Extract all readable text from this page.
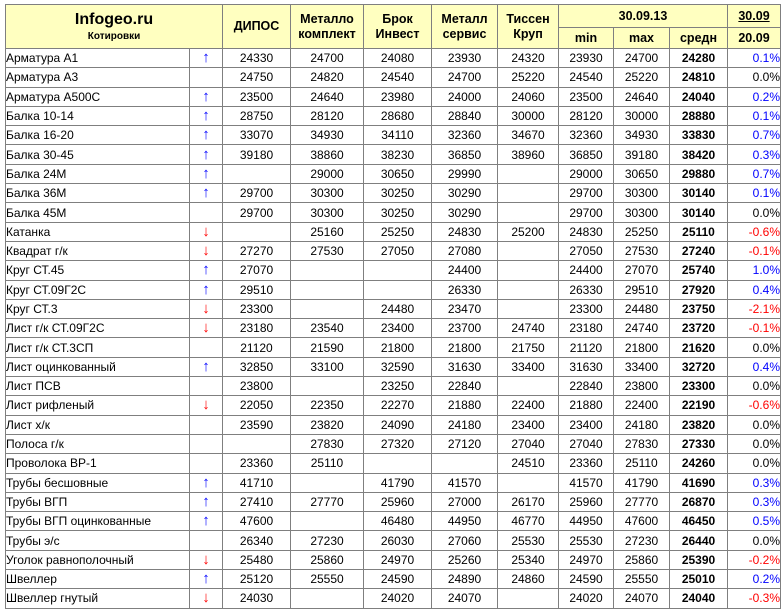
Infogeo.ru
Котировки		ДИПОС	Металло комплект	Брок Инвест	Металл сервис	Тиссен Круп	30.09.13			30.09
							min	max	средн	20.09
Арматура А1	↑	24330	24700	24080	23930	24320	23930	24700	24280	0.1%
Арматура А3		24750	24820	24540	24700	25220	24540	25220	24810	0.0%
Арматура А500С	↑	23500	24640	23980	24000	24060	23500	24640	24040	0.2%
Балка 10-14	↑	28750	28120	28680	28840	30000	28120	30000	28880	0.1%
Балка 16-20	↑	33070	34930	34110	32360	34670	32360	34930	33830	0.7%
Балка 30-45	↑	39180	38860	38230	36850	38960	36850	39180	38420	0.3%
Балка 24М	↑		29000	30650	29990		29000	30650	29880	0.7%
Балка 36М	↑	29700	30300	30250	30290		29700	30300	30140	0.1%
Балка 45М		29700	30300	30250	30290		29700	30300	30140	0.0%
Катанка	↓		25160	25250	24830	25200	24830	25250	25110	-0.6%
Квадрат г/к	↓	27270	27530	27050	27080		27050	27530	27240	-0.1%
Круг СТ.45	↑	27070			24400		24400	27070	25740	1.0%
Круг СТ.09Г2С	↑	29510			26330		26330	29510	27920	0.4%
Круг СТ.3	↓	23300		24480	23470		23300	24480	23750	-2.1%
Лист г/к СТ.09Г2С	↓	23180	23540	23400	23700	24740	23180	24740	23720	-0.1%
Лист г/к СТ.3СП		21120	21590	21800	21800	21750	21120	21800	21620	0.0%
Лист оцинкованный	↑	32850	33100	32590	31630	33400	31630	33400	32720	0.4%
Лист ПСВ		23800		23250	22840		22840	23800	23300	0.0%
Лист рифленый	↓	22050	22350	22270	21880	22400	21880	22400	22190	-0.6%
Лист х/к		23590	23820	24090	24180	23400	23400	24180	23820	0.0%
Полоса г/к			27830	27320	27120	27040	27040	27830	27330	0.0%
Проволока ВР-1		23360	25110			24510	23360	25110	24260	0.0%
Трубы бесшовные	↑	41710		41790	41570		41570	41790	41690	0.3%
Трубы ВГП	↑	27410	27770	25960	27000	26170	25960	27770	26870	0.3%
Трубы ВГП оцинкованные	↑	47600		46480	44950	46770	44950	47600	46450	0.5%
Трубы э/с		26340	27230	26030	27060	25530	25530	27230	26440	0.0%
Уголок равнополочный	↓	25480	25860	24970	25260	25340	24970	25860	25390	-0.2%
Швеллер	↑	25120	25550	24590	24890	24860	24590	25550	25010	0.2%
Швеллер гнутый	↓	24030		24020	24070		24020	24070	24040	-0.3%
